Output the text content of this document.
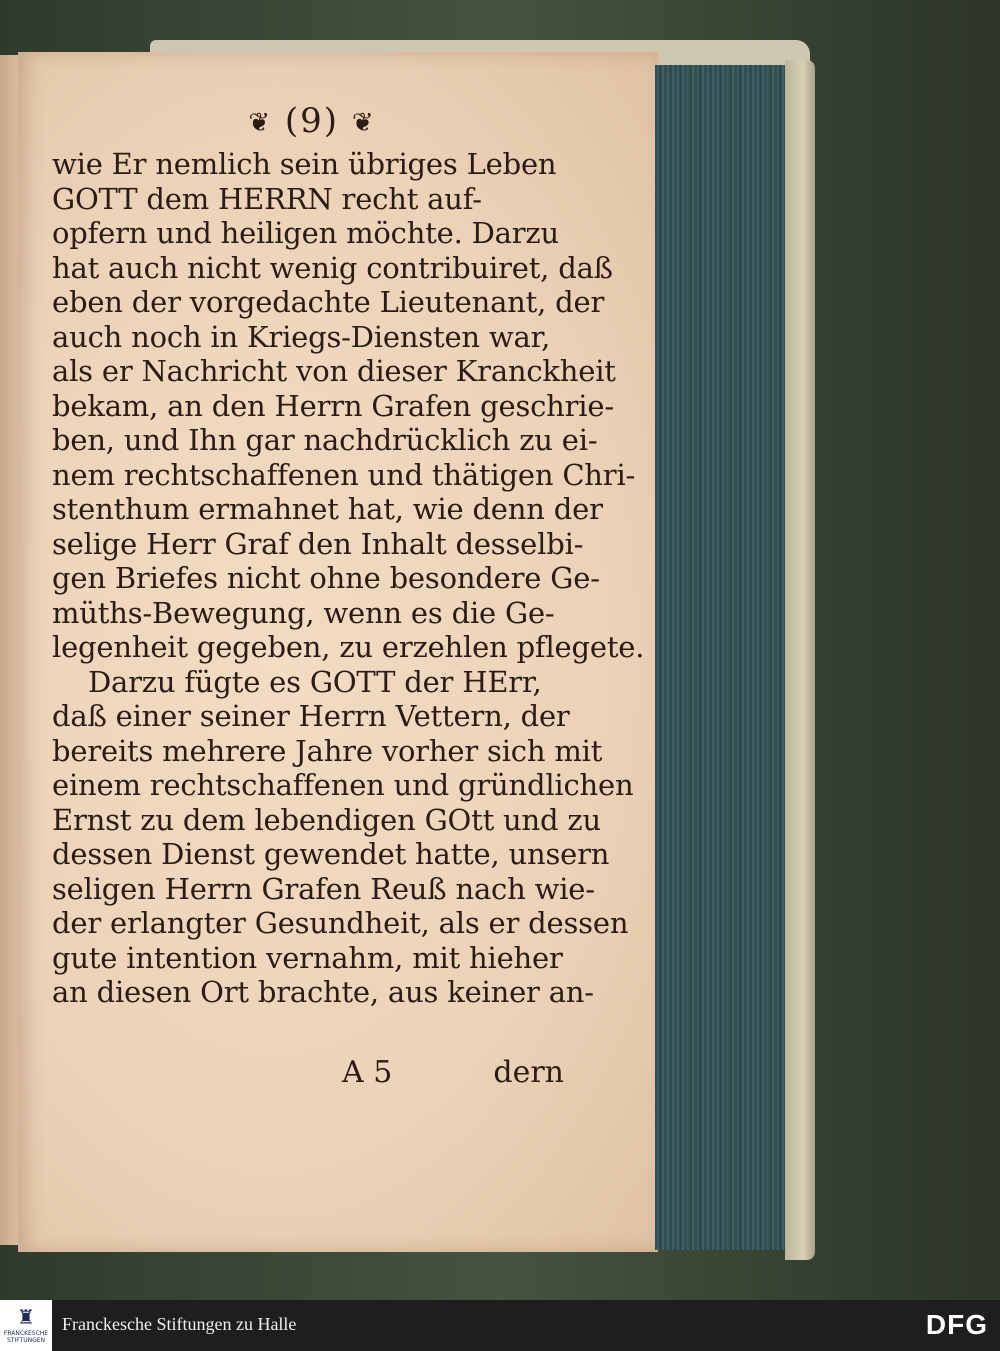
❦ (9) ❦
wie Er nemlich sein übriges Leben
GOTT dem HERRN recht auf-
opfern und heiligen möchte. Darzu
hat auch nicht wenig contribuiret, daß
eben der vorgedachte Lieutenant, der
auch noch in Kriegs-Diensten war,
als er Nachricht von dieser Kranckheit
bekam, an den Herrn Grafen geschrie-
ben, und Ihn gar nachdrücklich zu ei-
nem rechtschaffenen und thätigen Chri-
stenthum ermahnet hat, wie denn der
selige Herr Graf den Inhalt desselbi-
gen Briefes nicht ohne besondere Ge-
müths-Bewegung, wenn es die Ge-
legenheit gegeben, zu erzehlen pflegete.
Darzu fügte es GOTT der HErr,
daß einer seiner Herrn Vettern, der
bereits mehrere Jahre vorher sich mit
einem rechtschaffenen und gründlichen
Ernst zu dem lebendigen GOtt und zu
dessen Dienst gewendet hatte, unsern
seligen Herrn Grafen Reuß nach wie-
der erlangter Gesundheit, als er dessen
gute intention vernahm, mit hieher
an diesen Ort brachte, aus keiner an-
A 5	dern
♜
FRANCKESCHE STIFTUNGEN
Franckesche Stiftungen zu Halle	DFG
